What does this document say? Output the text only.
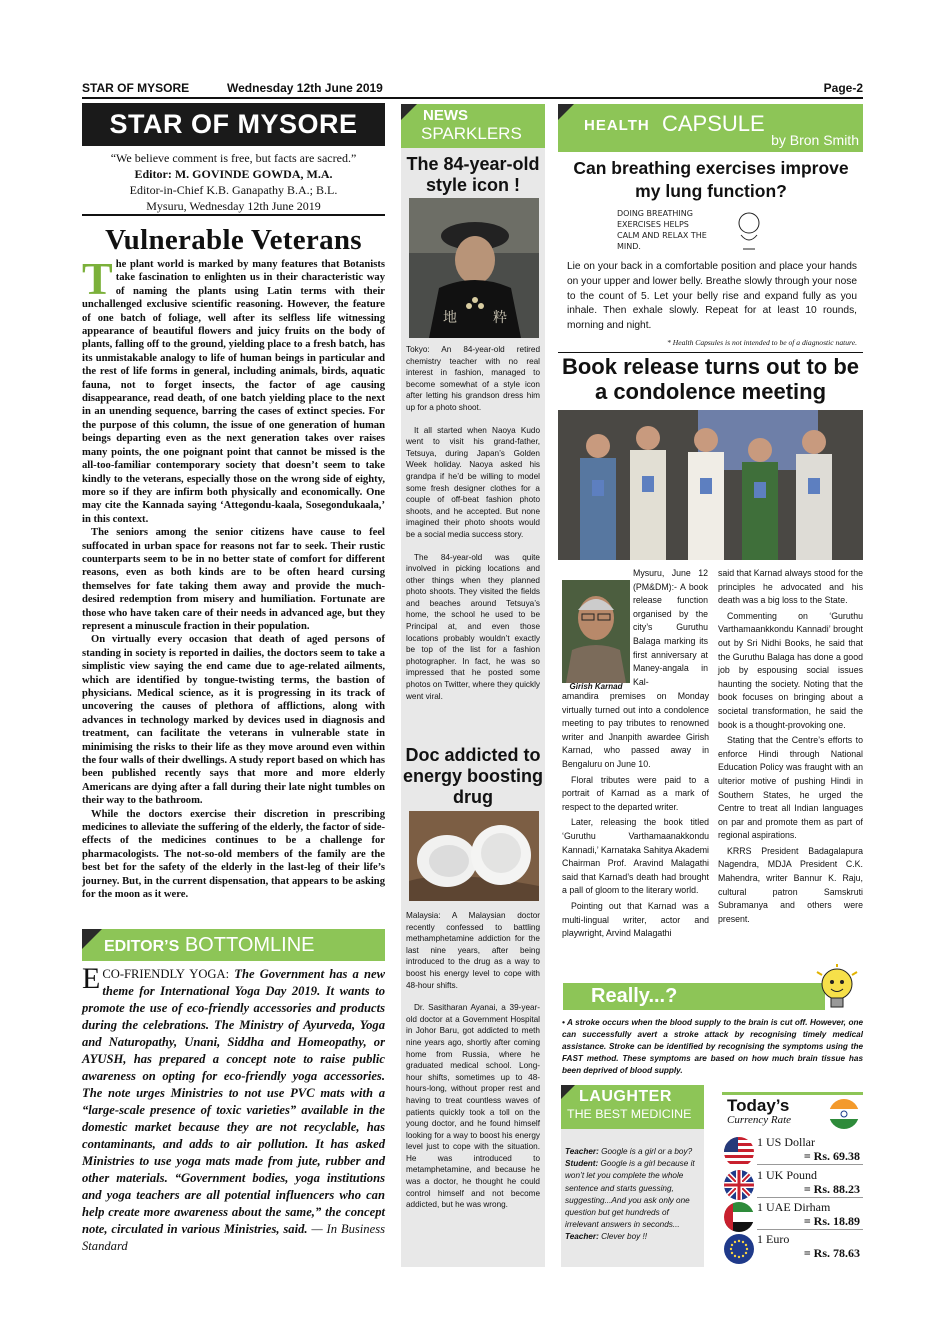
STAR OF MYSORE	Wednesday 12th June 2019	Page-2
STAR OF MYSORE
“We believe comment is free, but facts are sacred.”
Editor: M. GOVINDE GOWDA, M.A.
Editor-in-Chief K.B. Ganapathy B.A.; B.L.
Mysuru, Wednesday 12th June 2019
Vulnerable Veterans

The plant world is marked by many features that Botanists take fascination to enlighten us in their characteristic way of naming the plants using Latin terms with their unchallenged exclusive scientific reasoning. However, the feature of one batch of foliage, well after its selfless life witnessing appearance of beautiful flowers and juicy fruits on the body of plants, falling off to the ground, yielding place to a fresh batch, has its unmistakable analogy to life of human beings in particular and the rest of life forms in general, including animals, birds, aquatic fauna, not to forget insects, the factor of age causing disappearance, read death, of one batch yielding place to the next in an unending sequence, barring the cases of extinct species. For the purpose of this column, the issue of one generation of human beings departing even as the next generation takes over raises many points, the one poignant point that cannot be missed is the all-too-familiar contemporary society that doesn’t seem to take kindly to the veterans, especially those on the wrong side of eighty, more so if they are infirm both physically and economically. One may cite the Kannada saying ‘Attegondu-kaala, Sosegondukaala,’ in this context.

The seniors among the senior citizens have cause to feel suffocated in urban space for reasons not far to seek. Their rustic counterparts seem to be in no better state of comfort for different reasons, even as both kinds are to be often heard cursing themselves for fate taking them away and provide the much-desired redemption from misery and humiliation. Fortunate are those who have taken care of their needs in advanced age, but they represent a minuscule fraction in their population.

On virtually every occasion that death of aged persons of standing in society is reported in dailies, the doctors seem to take a simplistic view saying the end came due to age-related ailments, which are identified by tongue-twisting terms, the bastion of physicians. Medical science, as it is progressing in its track of uncovering the causes of plethora of afflictions, along with advances in technology marked by devices used in diagnosis and treatment, can facilitate the veterans in vulnerable state in minimising the risks to their life as they move around even within the four walls of their dwellings. A study report based on which has been published recently says that more and more elderly Americans are dying after a fall during their late night tumbles on their way to the bathroom.

While the doctors exercise their discretion in prescribing medicines to alleviate the suffering of the elderly, the factor of side-effects of the medicines continues to be a challenge for pharmacologists. The not-so-old members of the family are the best bet for the safety of the elderly in the last-leg of their life’s journey. But, in the current dispensation, that appears to be asking for the moon as it were.

EDITOR’S BOTTOMLINE
ECO-FRIENDLY YOGA: The Government has a new theme for International Yoga Day 2019. It wants to promote the use of eco-friendly accessories and products during the celebrations. The Ministry of Ayurveda, Yoga and Naturopathy, Unani, Siddha and Homeopathy, or AYUSH, has prepared a concept note to raise public awareness on opting for eco-friendly yoga accessories. The note urges Ministries to not use PVC mats with a “large-scale presence of toxic varieties” available in the domestic market because they are not recyclable, has contaminants, and adds to air pollution. It has asked Ministries to use yoga mats made from jute, rubber and other materials. “Government bodies, yoga institutions and yoga teachers are all potential influencers who can help create more awareness about the same,” the concept note, circulated in various Ministries, said. — In Business Standard
NEWS
SPARKLERS
The 84-year-old style icon !
地	粋

Tokyo: An 84-year-old retired chemistry teacher with no real interest in fashion, managed to become somewhat of a style icon after letting his grandson dress him up for a photo shoot.

It all started when Naoya Kudo went to visit his grand-father, Tetsuya, during Japan’s Golden Week holiday. Naoya asked his grandpa if he’d be willing to model some fresh designer clothes for a couple of off-beat fashion photo shoots, and he accepted. But none imagined their photo shoots would be a social media success story.

The 84-year-old was quite involved in picking locations and other things when they planned photo shoots. They visited the fields and beaches around Tetsuya’s home, the school he used to be Principal at, and even those locations probably wouldn’t exactly be top of the list for a fashion photographer. In fact, he was so impressed that he posted some photos on Twitter, where they quickly went viral.

Doc addicted to energy boosting drug

Malaysia: A Malaysian doctor recently confessed to battling methamphetamine addiction for the last nine years, after being introduced to the drug as a way to boost his energy level to cope with 48-hour shifts.

Dr. Sasitharan Ayanai, a 39-year-old doctor at a Government Hospital in Johor Baru, got addicted to meth nine years ago, shortly after coming home from Russia, where he graduated medical school. Long-hour shifts, sometimes up to 48-hours-long, without proper rest and having to treat countless waves of patients quickly took a toll on the young doctor, and he found himself looking for a way to boost his energy level just to cope with the situation. He was introduced to metamphetamine, and because he was a doctor, he thought he could control himself and not become addicted, but he was wrong.

HEALTH CAPSULE
by Bron Smith
Can breathing exercises improve my lung function?
DOING BREATHING EXERCISES HELPS CALM AND RELAX THE MIND.
Lie on your back in a comfortable position and place your hands on your upper and lower belly. Breathe slowly through your nose to the count of 5. Let your belly rise and expand fully as you inhale. Then exhale slowly. Repeat for at least 10 rounds, morning and night.
* Health Capsules is not intended to be of a diagnostic nature.
Book release turns out to be a condolence meeting
Girish Karnad
Mysuru, June 12 (PM&DM):- A book release function organised by the city’s Guruthu Balaga marking its first anniversary at Maney-angala in Kal-

amandira premises on Monday virtually turned out into a condolence meeting to pay tributes to renowned writer and Jnanpith awardee Girish Karnad, who passed away in Bengaluru on June 10.

Floral tributes were paid to a portrait of Karnad as a mark of respect to the departed writer.

Later, releasing the book titled ‘Guruthu Varthamaanakkondu Kannadi,’ Karnataka Sahitya Akademi Chairman Prof. Aravind Malagathi said that Karnad’s death had brought a pall of gloom to the literary world.

Pointing out that Karnad was a multi-lingual writer, actor and playwright, Arvind Malagathi

said that Karnad always stood for the principles he advocated and his death was a big loss to the State.

Commenting on ‘Guruthu Varthamaankkondu Kannadi’ brought out by Sri Nidhi Books, he said that the Guruthu Balaga has done a good job by espousing social issues haunting the society. Noting that the book focuses on bringing about a societal transformation, he said the book is a thought-provoking one.

Stating that the Centre’s efforts to enforce Hindi through National Education Policy was fraught with an ulterior motive of pushing Hindi in Southern States, he urged the Centre to treat all Indian languages on par and promote them as part of regional aspirations.

KRRS President Badagalapura Nagendra, MDJA President C.K. Mahendra, writer Bannur K. Raju, cultural patron Samskruti Subramanya and others were present.

Really...?
• A stroke occurs when the blood supply to the brain is cut off. However, one can successfully avert a stroke attack by recognising timely medical assistance. Stroke can be identified by recognising the symptoms using the FAST method. These symptoms are based on how much brain tissue has been deprived of blood supply.
LAUGHTER
THE BEST MEDICINE
Teacher: Google is a girl or a boy? Student: Google is a girl because it won’t let you complete the whole sentence and starts guessing, suggesting...And you ask only one question but get hundreds of irrelevant answers in seconds... Teacher: Clever boy !!
Today’s
Currency Rate
1 US Dollar
= Rs. 69.38
1 UK Pound
= Rs. 88.23
1 UAE Dirham
= Rs. 18.89
1 Euro
= Rs. 78.63
